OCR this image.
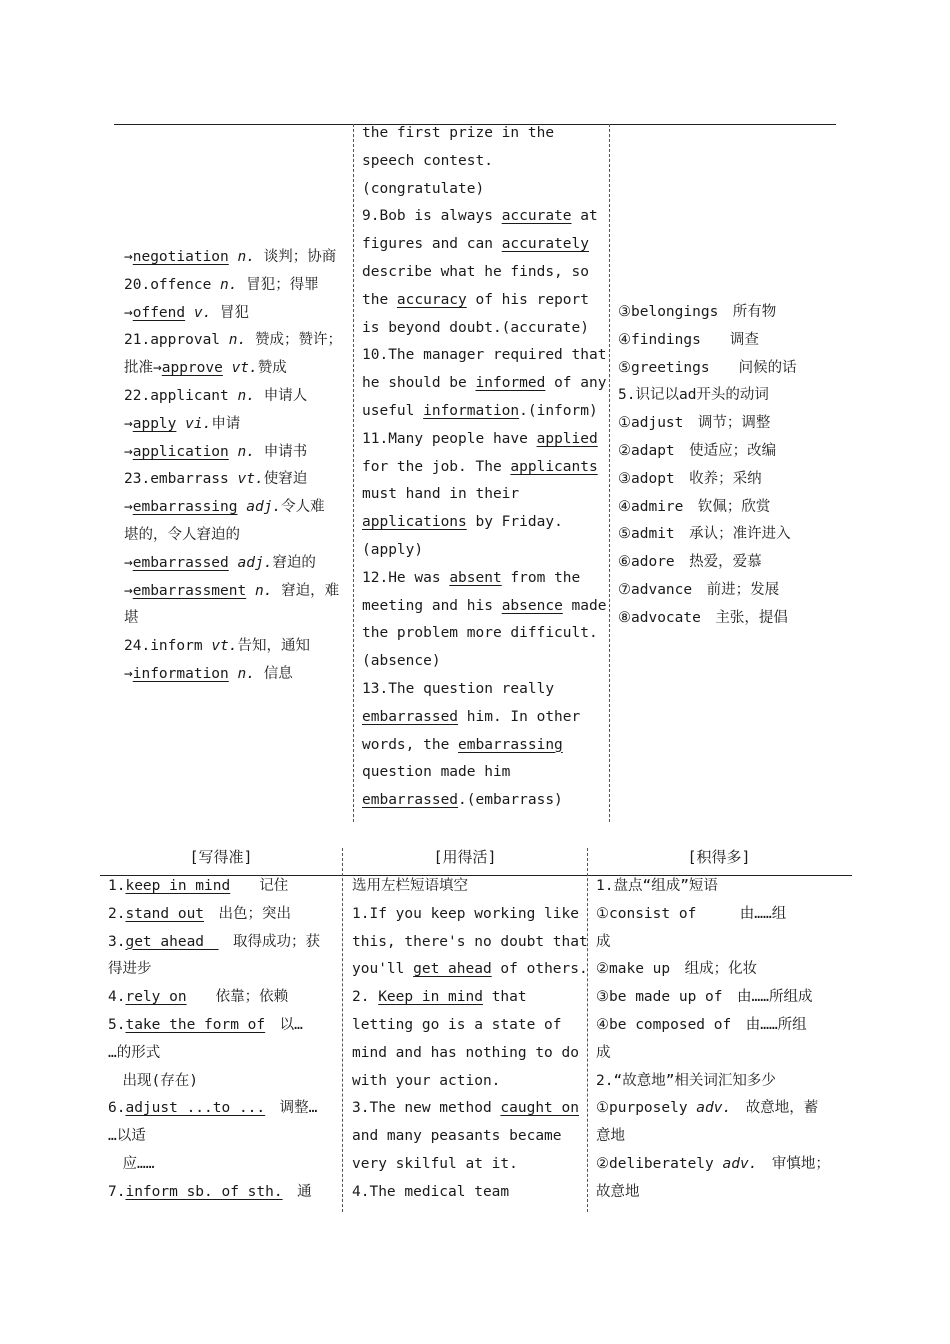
→negotiation n. 谈判；协商
20.offence n. 冒犯；得罪
→offend v. 冒犯
21.approval n. 赞成；赞许；
批准→approve vt.赞成
22.applicant n. 申请人
→apply vi.申请
→application n. 申请书
23.embarrass vt.使窘迫
→embarrassing adj.令人难
堪的，令人窘迫的
→embarrassed adj.窘迫的
→embarrassment n. 窘迫，难
堪
24.inform vt.告知，通知
→information n. 信息
the first prize in the
speech contest.
(congratulate)
9.Bob is always accurate at
figures and can accurately
describe what he finds, so
the accuracy of his report
is beyond doubt.(accurate)
10.The manager required that
he should be informed of any
useful information.(inform)
11.Many people have applied
for the job. The applicants
must hand in their
applications by Friday.
(apply)
12.He was absent from the
meeting and his absence made
the problem more difficult.
(absence)
13.The question really
embarrassed him. In other
words, the embarrassing
question made him
embarrassed.(embarrass)
③belongings　所有物
④findings　　调查
⑤greetings　　问候的话
5.识记以ad开头的动词
①adjust　调节；调整
②adapt　使适应；改编
③adopt　收养；采纳
④admire　钦佩；欣赏
⑤admit　承认；准许进入
⑥adore　热爱，爱慕
⑦advance　前进；发展
⑧advocate　主张，提倡
[写得准]	[用得活]	[积得多]
1.keep in mind　　记住
2.stand out　出色；突出
3.get ahead　　取得成功；获
得进步
4.rely on　　依靠；依赖
5.take the form of　以…
…的形式
　出现(存在)
6.adjust ...to ...　调整…
…以适
　应……
7.inform sb. of sth.　通
选用左栏短语填空
1.If you keep working like
this, there's no doubt that
you'll get ahead of others.
2. Keep in mind that
letting go is a state of
mind and has nothing to do
with your action.
3.The new method caught on
and many peasants became
very skilful at it.
4.The medical team
1.盘点“组成”短语
①consist of　　　由……组
成
②make up　组成；化妆
③be made up of　由……所组成
④be composed of　由……所组
成
2.“故意地”相关词汇知多少
①purposely adv.　故意地，蓄
意地
②deliberately adv.　审慎地；
故意地
